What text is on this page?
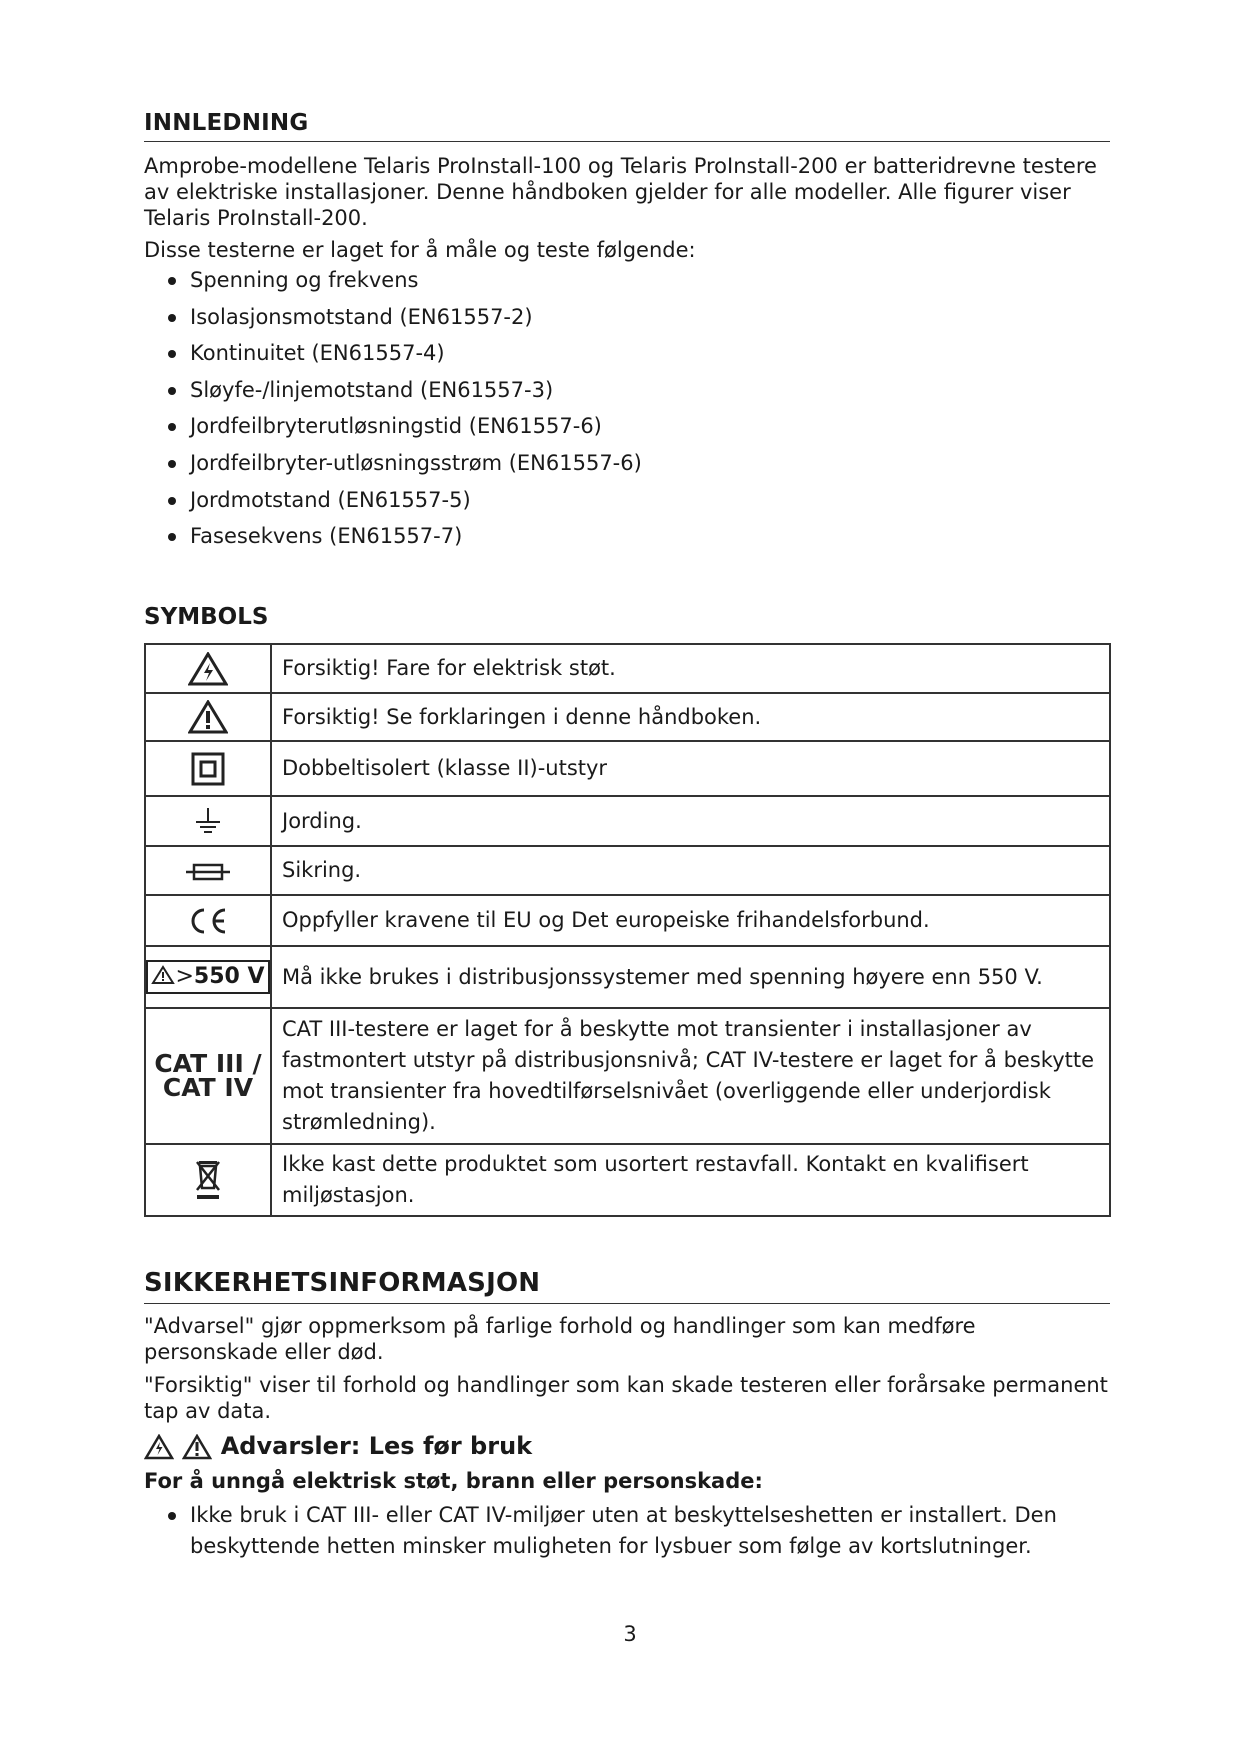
INNLEDNING
Amprobe-modellene Telaris ProInstall-100 og Telaris ProInstall-200 er batteridrevne testere av elektriske installasjoner. Denne håndboken gjelder for alle modeller. Alle figurer viser Telaris ProInstall-200.
Disse testerne er laget for å måle og teste følgende:
Spenning og frekvens
Isolasjonsmotstand (EN61557-2)
Kontinuitet (EN61557-4)
Sløyfe-/linjemotstand (EN61557-3)
Jordfeilbryterutløsningstid (EN61557-6)
Jordfeilbryter-utløsningsstrøm (EN61557-6)
Jordmotstand (EN61557-5)
Fasesekvens (EN61557-7)
SYMBOLS
	Forsiktig! Fare for elektrisk støt.
	Forsiktig! Se forklaringen i denne håndboken.
	Dobbeltisolert (klasse II)-utstyr
	Jording.
	Sikring.
	Oppfyller kravene til EU og Det europeiske frihandelsforbund.
>550 V	Må ikke brukes i distribusjonssystemer med spenning høyere enn 550 V.

CAT III /
CAT IV	CAT III-testere er laget for å beskytte mot transienter i installasjoner av fastmontert utstyr på distribusjonsnivå; CAT IV-testere er laget for å beskytte mot transienter fra hovedtilførselsnivået (overliggende eller underjordisk strømledning).
	Ikke kast dette produktet som usortert restavfall. Kontakt en kvalifisert miljøstasjon.
SIKKERHETSINFORMASJON
"Advarsel" gjør oppmerksom på farlige forhold og handlinger som kan medføre personskade eller død.
"Forsiktig" viser til forhold og handlinger som kan skade testeren eller forårsake permanent tap av data.
Advarsler: Les før bruk
For å unngå elektrisk støt, brann eller personskade:
Ikke bruk i CAT III- eller CAT IV-miljøer uten at beskyttelseshetten er installert. Den beskyttende hetten minsker muligheten for lysbuer som følge av kortslutninger.
3
